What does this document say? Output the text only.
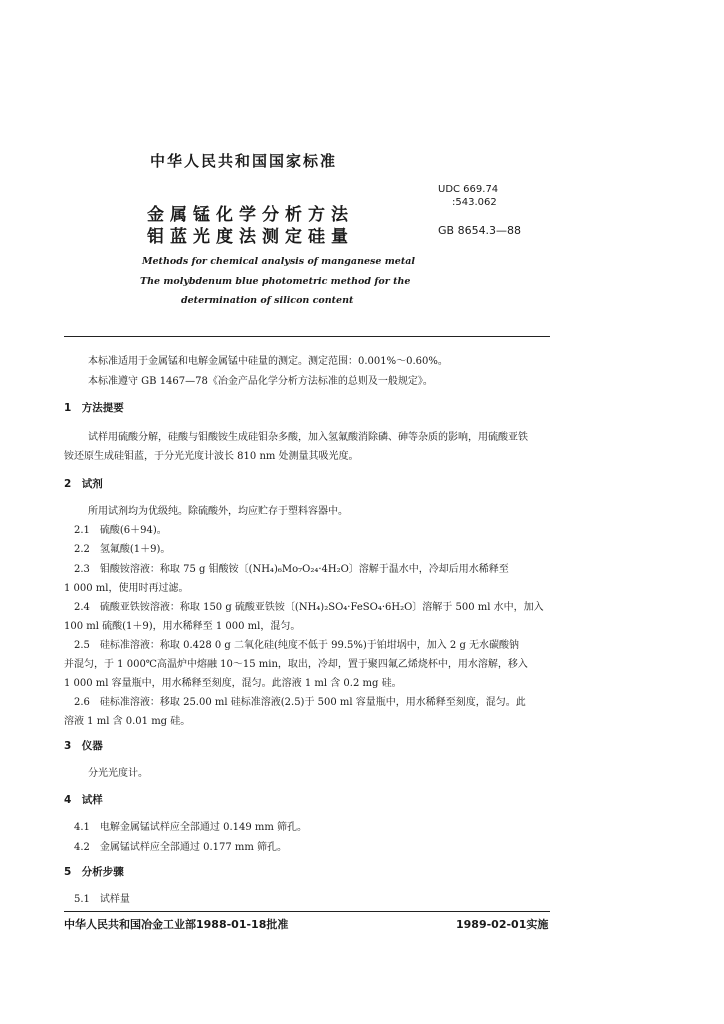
中华人民共和国国家标准
金属锰化学分析方法
钼蓝光度法测定硅量
UDC 669.74
:543.062
GB 8654.3—88
Methods for chemical analysis of manganese metal
The molybdenum blue photometric method for the
determination of silicon content
本标准适用于金属锰和电解金属锰中硅量的测定。测定范围：0.001%～0.60%。
本标准遵守 GB 1467—78《冶金产品化学分析方法标准的总则及一般规定》。
1　方法提要
试样用硫酸分解，硅酸与钼酸铵生成硅钼杂多酸，加入氢氟酸消除磷、砷等杂质的影响，用硫酸亚铁
铵还原生成硅钼蓝，于分光光度计波长 810 nm 处测量其吸光度。
2　试剂
所用试剂均为优级纯。除硫酸外，均应贮存于塑料容器中。
2.1　硫酸(6＋94)。
2.2　氢氟酸(1＋9)。
2.3　钼酸铵溶液：称取 75 g 钼酸铵〔(NH₄)₆Mo₇O₂₄·4H₂O〕溶解于温水中，冷却后用水稀释至
1 000 ml，使用时再过滤。
2.4　硫酸亚铁铵溶液：称取 150 g 硫酸亚铁铵〔(NH₄)₂SO₄·FeSO₄·6H₂O〕溶解于 500 ml 水中，加入
100 ml 硫酸(1＋9)，用水稀释至 1 000 ml，混匀。
2.5　硅标准溶液：称取 0.428 0 g 二氧化硅(纯度不低于 99.5%)于铂坩埚中，加入 2 g 无水碳酸钠
并混匀，于 1 000℃高温炉中熔融 10～15 min，取出，冷却，置于聚四氟乙烯烧杯中，用水溶解，移入
1 000 ml 容量瓶中，用水稀释至刻度，混匀。此溶液 1 ml 含 0.2 mg 硅。
2.6　硅标准溶液：移取 25.00 ml 硅标准溶液(2.5)于 500 ml 容量瓶中，用水稀释至刻度，混匀。此
溶液 1 ml 含 0.01 mg 硅。
3　仪器
分光光度计。
4　试样
4.1　电解金属锰试样应全部通过 0.149 mm 筛孔。
4.2　金属锰试样应全部通过 0.177 mm 筛孔。
5　分析步骤
5.1　试样量
中华人民共和国冶金工业部1988-01-18批准	1989-02-01实施
